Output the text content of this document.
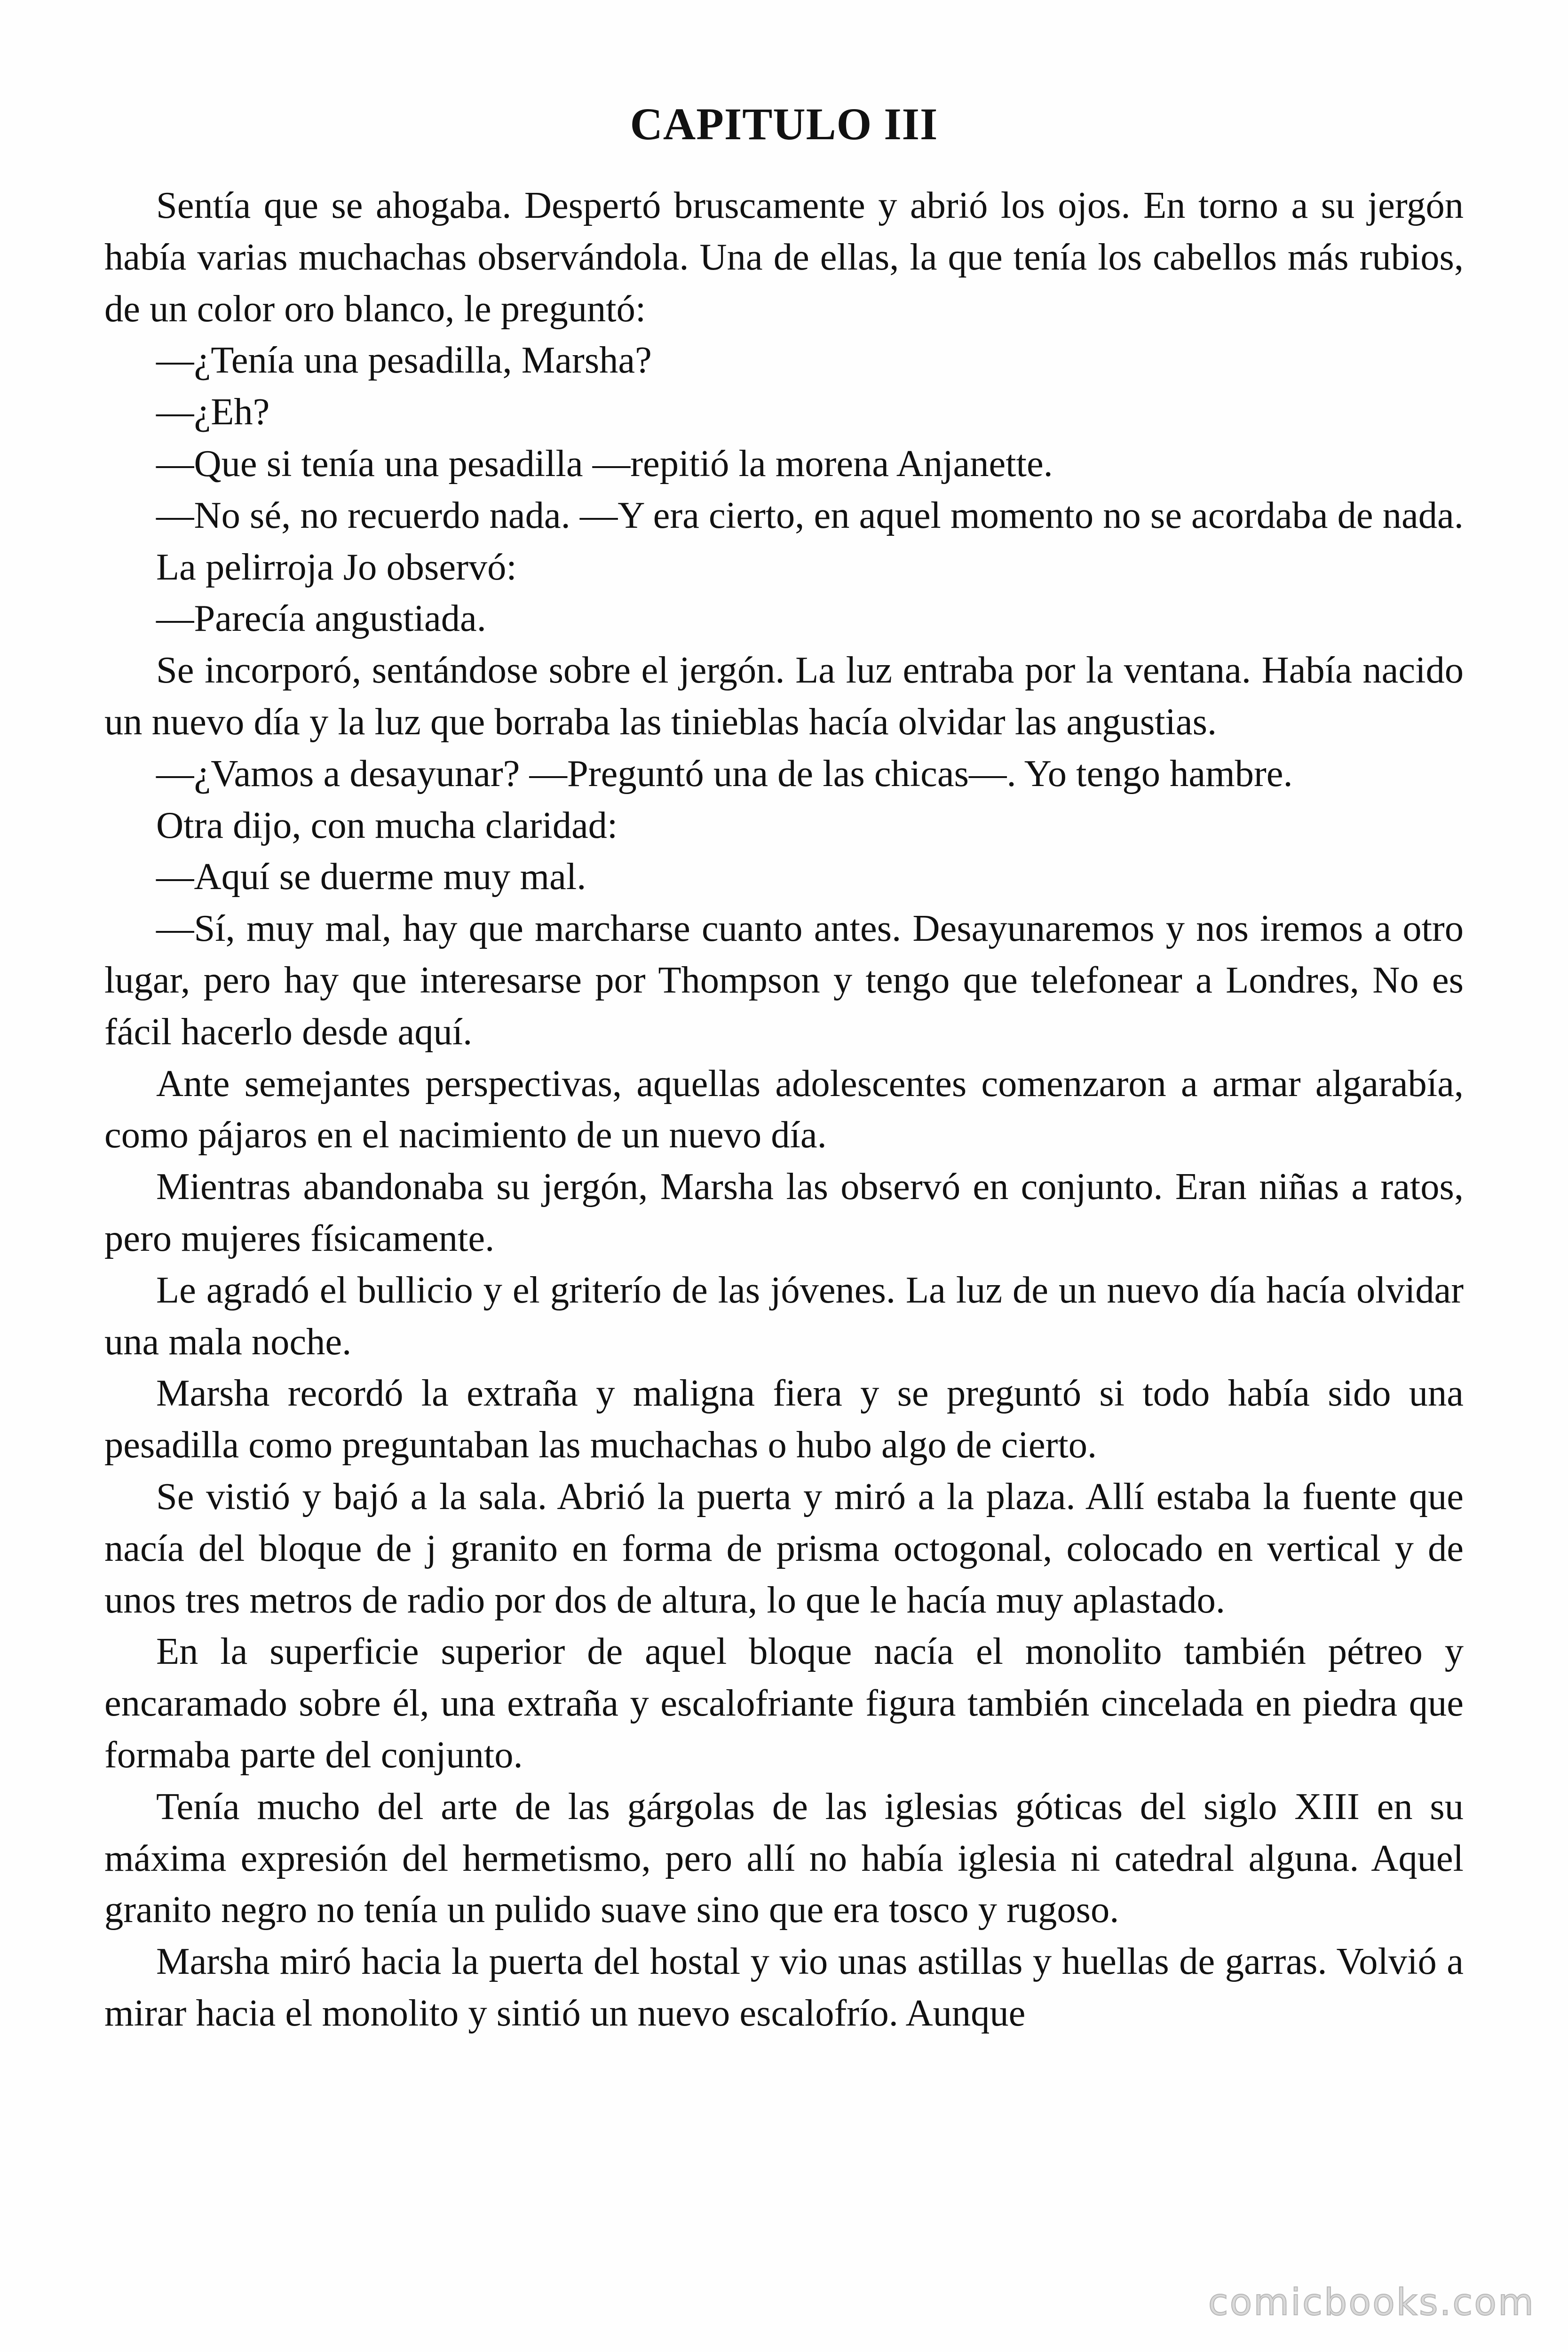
CAPITULO III

Sentía que se ahogaba. Despertó bruscamente y abrió los ojos. En torno a su jergón había varias muchachas observándola. Una de ellas, la que tenía los cabellos más rubios, de un color oro blanco, le preguntó:

—¿Tenía una pesadilla, Marsha?

—¿Eh?

—Que si tenía una pesadilla —repitió la morena Anjanette.

—No sé, no recuerdo nada. —Y era cierto, en aquel momento no se acordaba de nada.

La pelirroja Jo observó:

—Parecía angustiada.

Se incorporó, sentándose sobre el jergón. La luz entraba por la ventana. Había nacido un nuevo día y la luz que borraba las tinieblas hacía olvidar las angustias.

—¿Vamos a desayunar? —Preguntó una de las chicas—. Yo tengo hambre.

Otra dijo, con mucha claridad:

—Aquí se duerme muy mal.

—Sí, muy mal, hay que marcharse cuanto antes. Desayunaremos y nos iremos a otro lugar, pero hay que interesarse por Thompson y tengo que telefonear a Londres, No es fácil hacerlo desde aquí.

Ante semejantes perspectivas, aquellas adolescentes comenzaron a armar algarabía, como pájaros en el nacimiento de un nuevo día.

Mientras abandonaba su jergón, Marsha las observó en conjunto. Eran niñas a ratos, pero mujeres físicamente.

Le agradó el bullicio y el griterío de las jóvenes. La luz de un nuevo día hacía olvidar una mala noche.

Marsha recordó la extraña y maligna fiera y se preguntó si todo había sido una pesadilla como preguntaban las muchachas o hubo algo de cierto.

Se vistió y bajó a la sala. Abrió la puerta y miró a la plaza. Allí estaba la fuente que nacía del bloque de j granito en forma de prisma octogonal, colocado en vertical y de unos tres metros de radio por dos de altura, lo que le hacía muy aplastado.

En la superficie superior de aquel bloque nacía el monolito también pétreo y encaramado sobre él, una extraña y escalofriante figura también cincelada en piedra que formaba parte del conjunto.

Tenía mucho del arte de las gárgolas de las iglesias góticas del siglo XIII en su máxima expresión del hermetismo, pero allí no había iglesia ni catedral alguna. Aquel granito negro no tenía un pulido suave sino que era tosco y rugoso.

Marsha miró hacia la puerta del hostal y vio unas astillas y huellas de garras. Volvió a mirar hacia el monolito y sintió un nuevo escalofrío. Aunque

comicbooks.com
